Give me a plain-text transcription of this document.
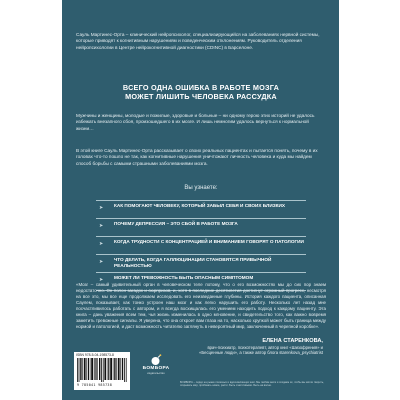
Сауль Мартинес-Орта – клинический нейропсихолог, специализирующийся на заболеваниях нервной системы, которые приводят к когнитивным нарушениям и поведенческим отклонениям. Руководитель отделения нейропсихологии в Центре нейрокогнитивной диагностики (CDINC) в Барселоне.

ВСЕГО ОДНА ОШИБКА В РАБОТЕ МОЗГА
МОЖЕТ ЛИШИТЬ ЧЕЛОВЕКА РАССУДКА

Мужчины и женщины, молодые и пожилые, здоровые и больные – ни одному герою этих историй не удалось избежать внезапного сбоя, произошедшего в их мозге. И лишь немногим удалось вернуться к нормальной жизни…

В этой книге Сауль Мартинес-Орта рассказывает о своих реальных пациентах и пытается понять, почему в их головах что-то пошло не так, как когнитивные нарушения уничтожают личность человека и куда мы найдем способ борьбы с самыми страшными заболеваниями мозга.

Вы узнаете:
➤ КАК ПОМОГАЮТ ЧЕЛОВЕКУ, КОТОРЫЙ ЗАБЫЛ СЕБЯ И СВОИХ БЛИЗКИХ
➤ ПОЧЕМУ ДЕПРЕССИЯ – ЭТО СБОЙ В РАБОТЕ МОЗГА
➤ КОГДА ТРУДНОСТИ С КОНЦЕНТРАЦИЕЙ И ВНИМАНИЕМ ГОВОРЯТ О ПАТОЛОГИИ
➤ ЧТО ДЕЛАТЬ, КОГДА ГАЛЛЮЦИНАЦИИ СТАНОВЯТСЯ ПРИВЫЧНОЙ РЕАЛЬНОСТЬЮ
➤ МОЖЕТ ЛИ ТРЕВОЖНОСТЬ БЫТЬ ОПАСНЫМ СИМПТОМОМ

«Мозг – самый удивительный орган в человеческом теле потому, что о его возможностях мы до сих пор знаем недостаточно. Он полон загадок и сюрпризов, и, хотя в последние десятилетия достигнут огромный прогресс, несмотря на все это, мы все еще продолжаем исследовать его неизведанные глубины. История каждого пациента, описанная Саулем, показывает, как тонко устроен наш мозг и как легко нарушить его работу. Несколько лет назад мне посчастливилось работать с автором, и я всегда восхищалась его умением находить подход к каждому пациенту. Эта книга – дань уважения всем тем, чья жизнь изменилась в одно мгновение, и свидетельство того, как важно вовремя заметить тревожные сигналы. Я уверена, что она откроет вам глаза на то, насколько хрупкой может быть граница между нормой и патологией, и даст возможность читателю заглянуть в невероятный мир, заключенный в черепной коробке».

ЕЛЕНА СТАРЕНКОВА,
врач-психиатр, психотерапевт, автор книг «Шизофрения» и «Бесценные люди», а также автор блога starenkova_psychiatrist
ISBN 978-5-04-198573-8
9 785041 985738
БОМБОРА
издательство

БОМБОРА – лидер на рынке полезных и вдохновляющих книг. Мы любим книги и создаем их, чтобы вы могли творить, открывать мир, пробовать новое, расти. Быть счастливыми. Быть на волне.
